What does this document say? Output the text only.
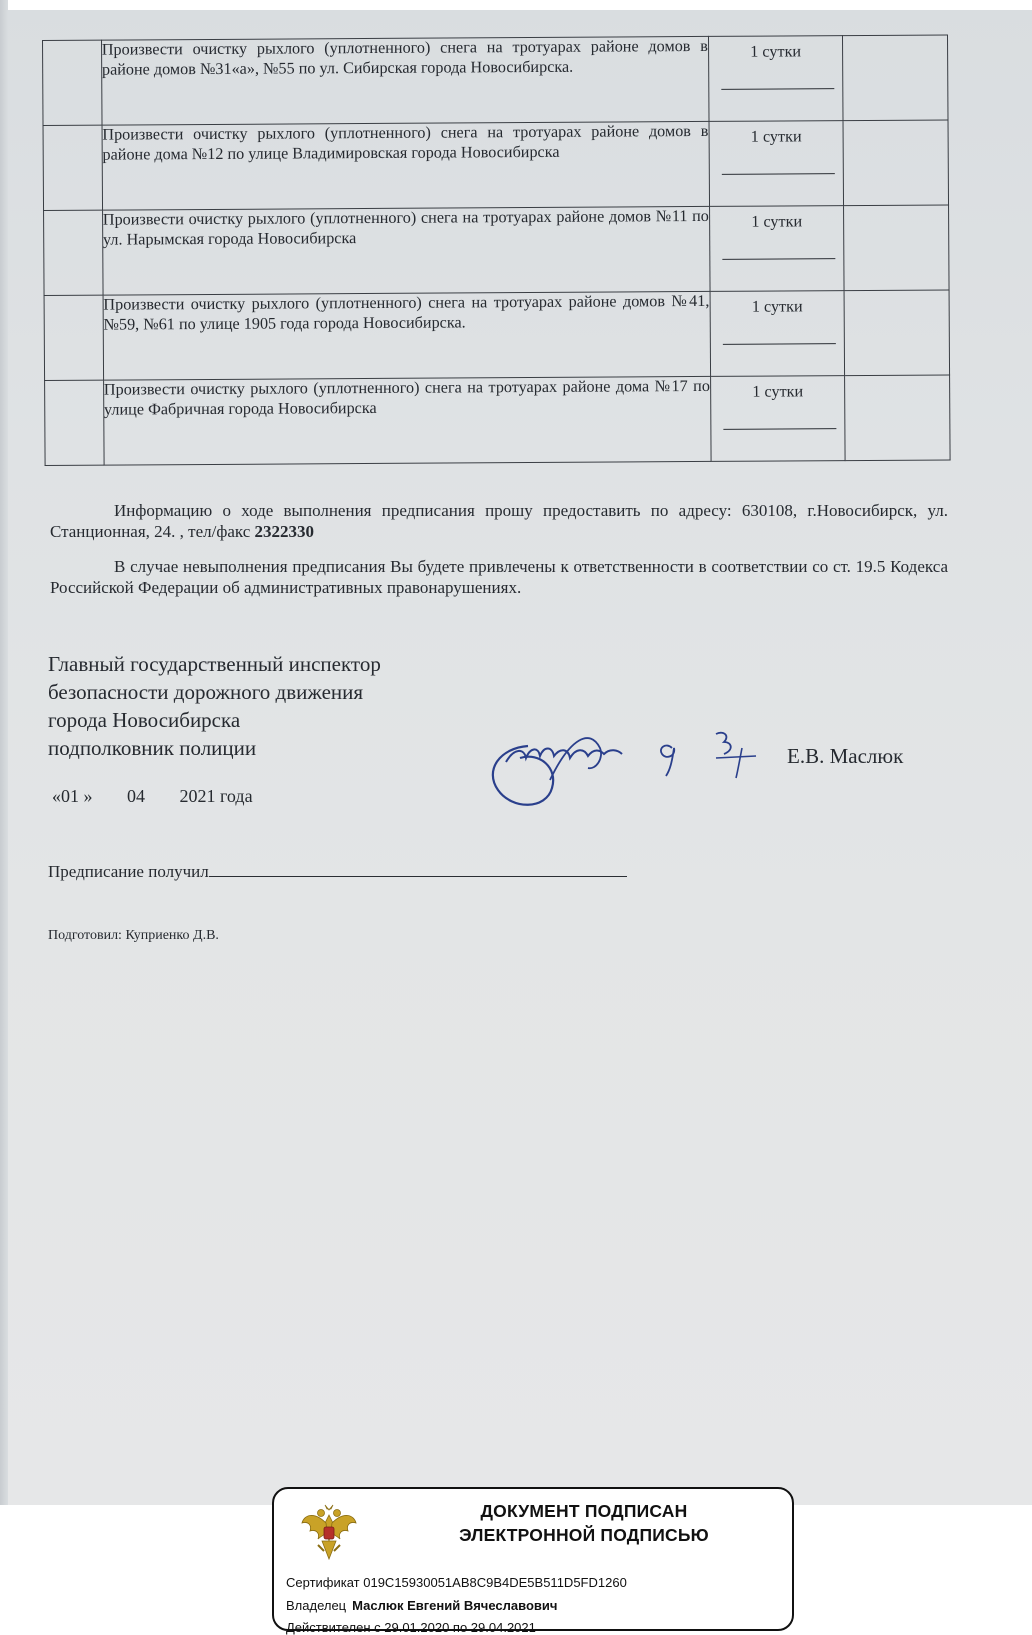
	Произвести очистку рыхлого (уплотненного) снега на тротуарах районе домов в районе домов №31«а», №55 по ул. Сибирская города Новосибирска.	1 сутки	

	Произвести очистку рыхлого (уплотненного) снега на тротуарах районе домов в районе дома №12 по улице Владимировская города Новосибирска	1 сутки	

	Произвести очистку рыхлого (уплотненного) снега на тротуарах районе домов №11 по ул. Нарымская города Новосибирска	1 сутки	

	Произвести очистку рыхлого (уплотненного) снега на тротуарах районе домов №41, №59, №61 по улице 1905 года города Новосибирска.	1 сутки	

	Произвести очистку рыхлого (уплотненного) снега на тротуарах районе дома №17 по улице Фабричная города Новосибирска	1 сутки	

Информацию о ходе выполнения предписания прошу предоставить по адресу: 630108, г.Новосибирск, ул. Станционная, 24. , тел/факс 2322330
В случае невыполнения предписания Вы будете привлечены к ответственности в соответствии со ст. 19.5 Кодекса Российской Федерации об административных правонарушениях.
Главный государственный инспектор
безопасности дорожного движения
города Новосибирска
подполковник полиции	Е.В. Маслюк
«01 » 04 2021 года
Предписание получил
Подготовил: Куприенко Д.В.
ДОКУМЕНТ ПОДПИСАН
ЭЛЕКТРОННОЙ ПОДПИСЬЮ
Сертификат 019C15930051AB8C9B4DE5B511D5FD1260
Владелец Маслюк Евгений Вячеславович
Действителен с 29.01.2020 по 29.04.2021
